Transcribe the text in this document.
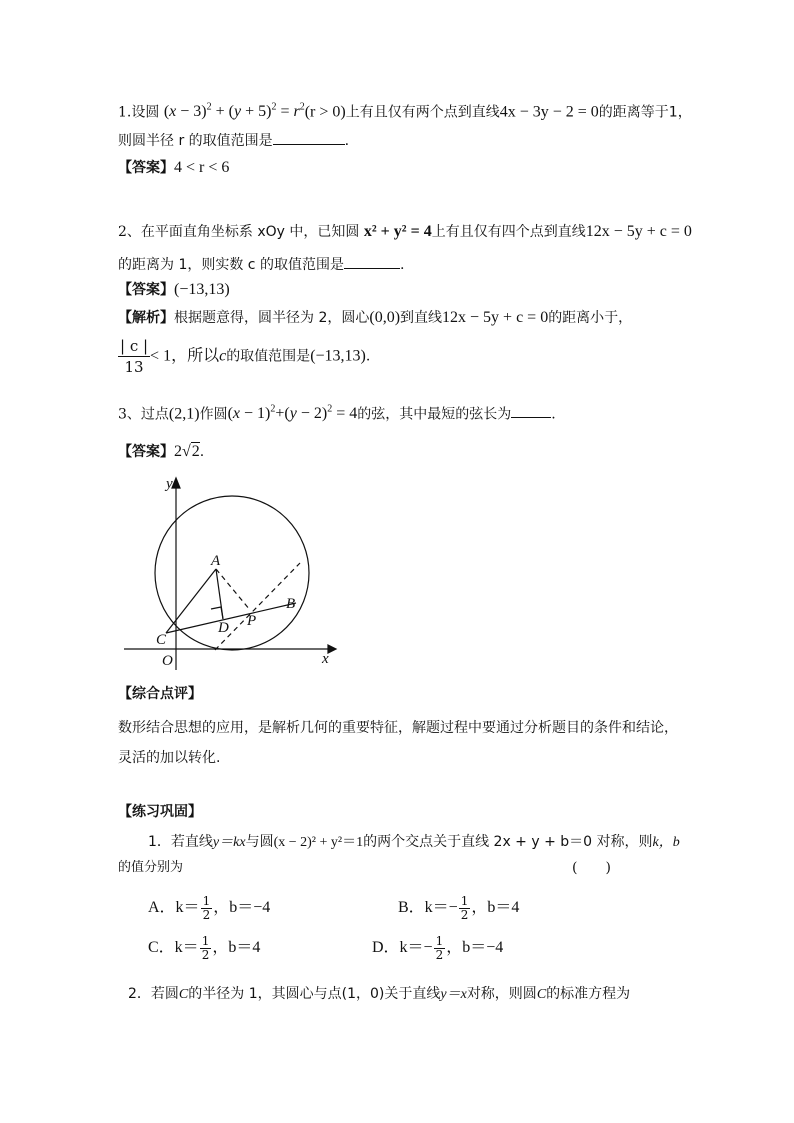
1.设圆 $(x - 3)^2 + (y + 5)^2 = r^2(r > 0)$上有且仅有两个点到直线4x − 3y − 2 = 0的距离等于1，
则圆半径 r 的取值范围是	.
【答案】4 < r < 6
2、在平面直角坐标系 xOy 中，已知圆 x² + y² = 4上有且仅有四个点到直线12x − 5y + c = 0
的距离为 1，则实数 c 的取值范围是	.
【答案】(−13,13)
【解析】根据题意得，圆半径为 2，圆心(0,0)到直线12x − 5y + c = 0的距离小于，
$\frac{| c |}{13} < 1$，所以c的取值范围是(−13,13).
3、过点(2,1)作圆$(x - 1)^2+(y - 2)^2 = 4$的弦，其中最短的弦长为	.
【答案】2√2.
y
x
O
A
B
C
D P
【综合点评】
数形结合思想的应用，是解析几何的重要特征，解题过程中要通过分析题目的条件和结论，
灵活的加以转化.
【练习巩固】
1．若直线y＝kx与圆(x − 2)² + y²＝1的两个交点关于直线 2x + y + b＝0 对称，则k，b
的值分别为	(　　)
A．$k= \frac{1}{2}$ ，b＝−4	B．$k=- \frac{1}{2}$ ，b＝4
C．$k= \frac{1}{2}$ ，b＝4	D．$k=- \frac{1}{2}$ ，b＝−4
2．若圆C的半径为 1，其圆心与点(1，0)关于直线y＝x对称，则圆C的标准方程为
